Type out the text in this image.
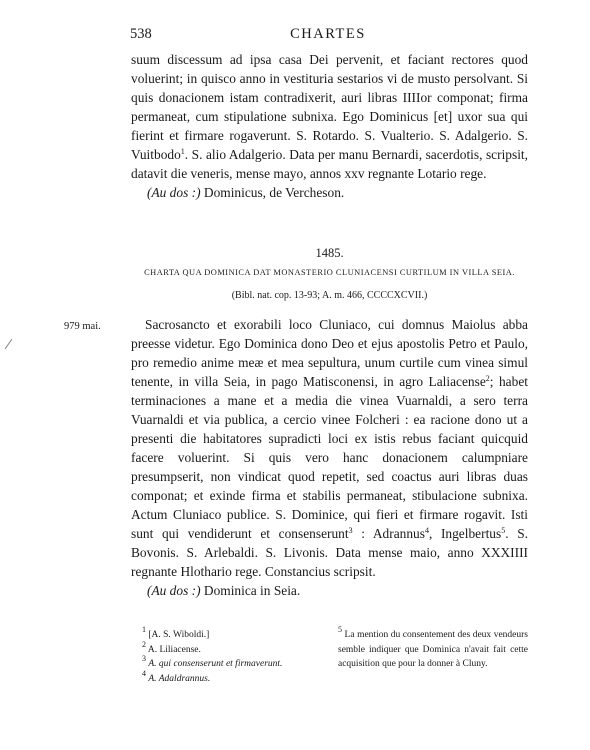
538	CHARTES

suum discessum ad ipsa casa Dei pervenit, et faciant rectores quod voluerint; in quisco anno in vestituria sestarios vi de musto persolvant. Si quis donacionem istam contradixerit, auri libras IIIIor componat; firma permaneat, cum stipulatione subnixa. Ego Dominicus [et] uxor sua qui fierint et firmare rogaverunt. S. Rotardo. S. Vualterio. S. Adalgerio. S. Vuitbodo$^1$. S. alio Adalgerio. Data per manu Bernardi, sacerdotis, scripsit, datavit die veneris, mense mayo, annos xxv regnante Lotario rege.

(Au dos :) Dominicus, de Vercheson.

1485.
CHARTA QUA DOMINICA DAT MONASTERIO CLUNIACENSI CURTILUM IN VILLA SEIA.
(Bibl. nat. cop. 13-93; A. m. 466, CCCCXCVII.)
979 mai.	Sacrosancto et exorabili loco Cluniaco, cui domnus Maiolus abba preesse videtur. Ego Dominica dono Deo et ejus apostolis Petro et Paulo, pro remedio anime meæ et mea sepultura, unum curtile cum vinea simul tenente, in villa Seia, in pago Matisconensi, in agro Laliacense$^2$; habet terminaciones a mane et a media die vinea Vuarnaldi, a sero terra Vuarnaldi et via publica, a cercio vinee Folcheri : ea racione dono ut a presenti die habitatores supradicti loci ex istis rebus faciant quicquid facere voluerint. Si quis vero hanc donacionem calumpniare presumpserit, non vindicat quod repetit, sed coactus auri libras duas componat; et exinde firma et stabilis permaneat, stibulacione subnixa. Actum Cluniaco publice. S. Dominice, qui fieri et firmare rogavit. Isti sunt qui vendiderunt et consenserunt$^3$ : Adrannus$^4$, Ingelbertus$^5$. S. Bovonis. S. Arlebaldi. S. Livonis. Data mense maio, anno XXXIIII regnante Hlothario rege. Constancius scripsit.

(Au dos :) Dominica in Seia.

$^1$ [A. S. Wiboldi.]
$^2$ A. Liliacense.
$^3$ A. qui consenserunt et firmaverunt.
$^4$ A. Adaldrannus.
$^5$ La mention du consentement des deux vendeurs semble indiquer que Dominica n'avait fait cette acquisition que pour la donner à Cluny.
